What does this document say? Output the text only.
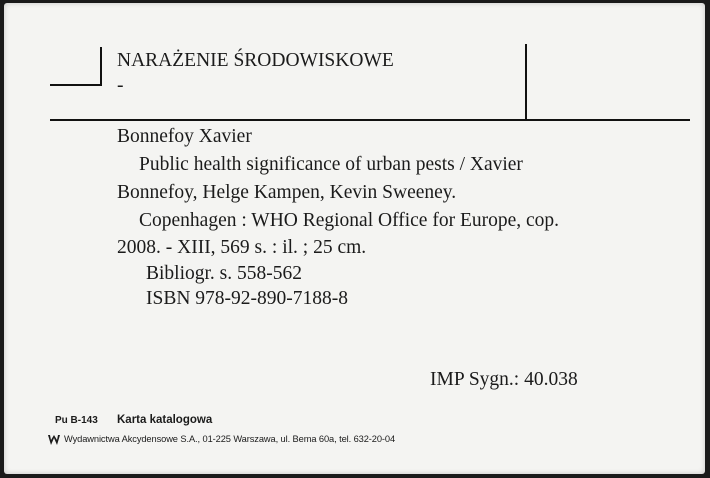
NARAŻENIE ŚRODOWISKOWE
-
Bonnefoy Xavier
Public health significance of urban pests / Xavier
Bonnefoy, Helge Kampen, Kevin Sweeney.
Copenhagen : WHO Regional Office for Europe, cop.
2008. - XIII, 569 s. : il. ; 25 cm.
Bibliogr. s. 558-562
ISBN 978-92-890-7188-8
IMP Sygn.: 40.038
Pu B-143 Karta katalogowa
Wydawnictwa Akcydensowe S.A., 01-225 Warszawa, ul. Bema 60a, tel. 632-20-04
